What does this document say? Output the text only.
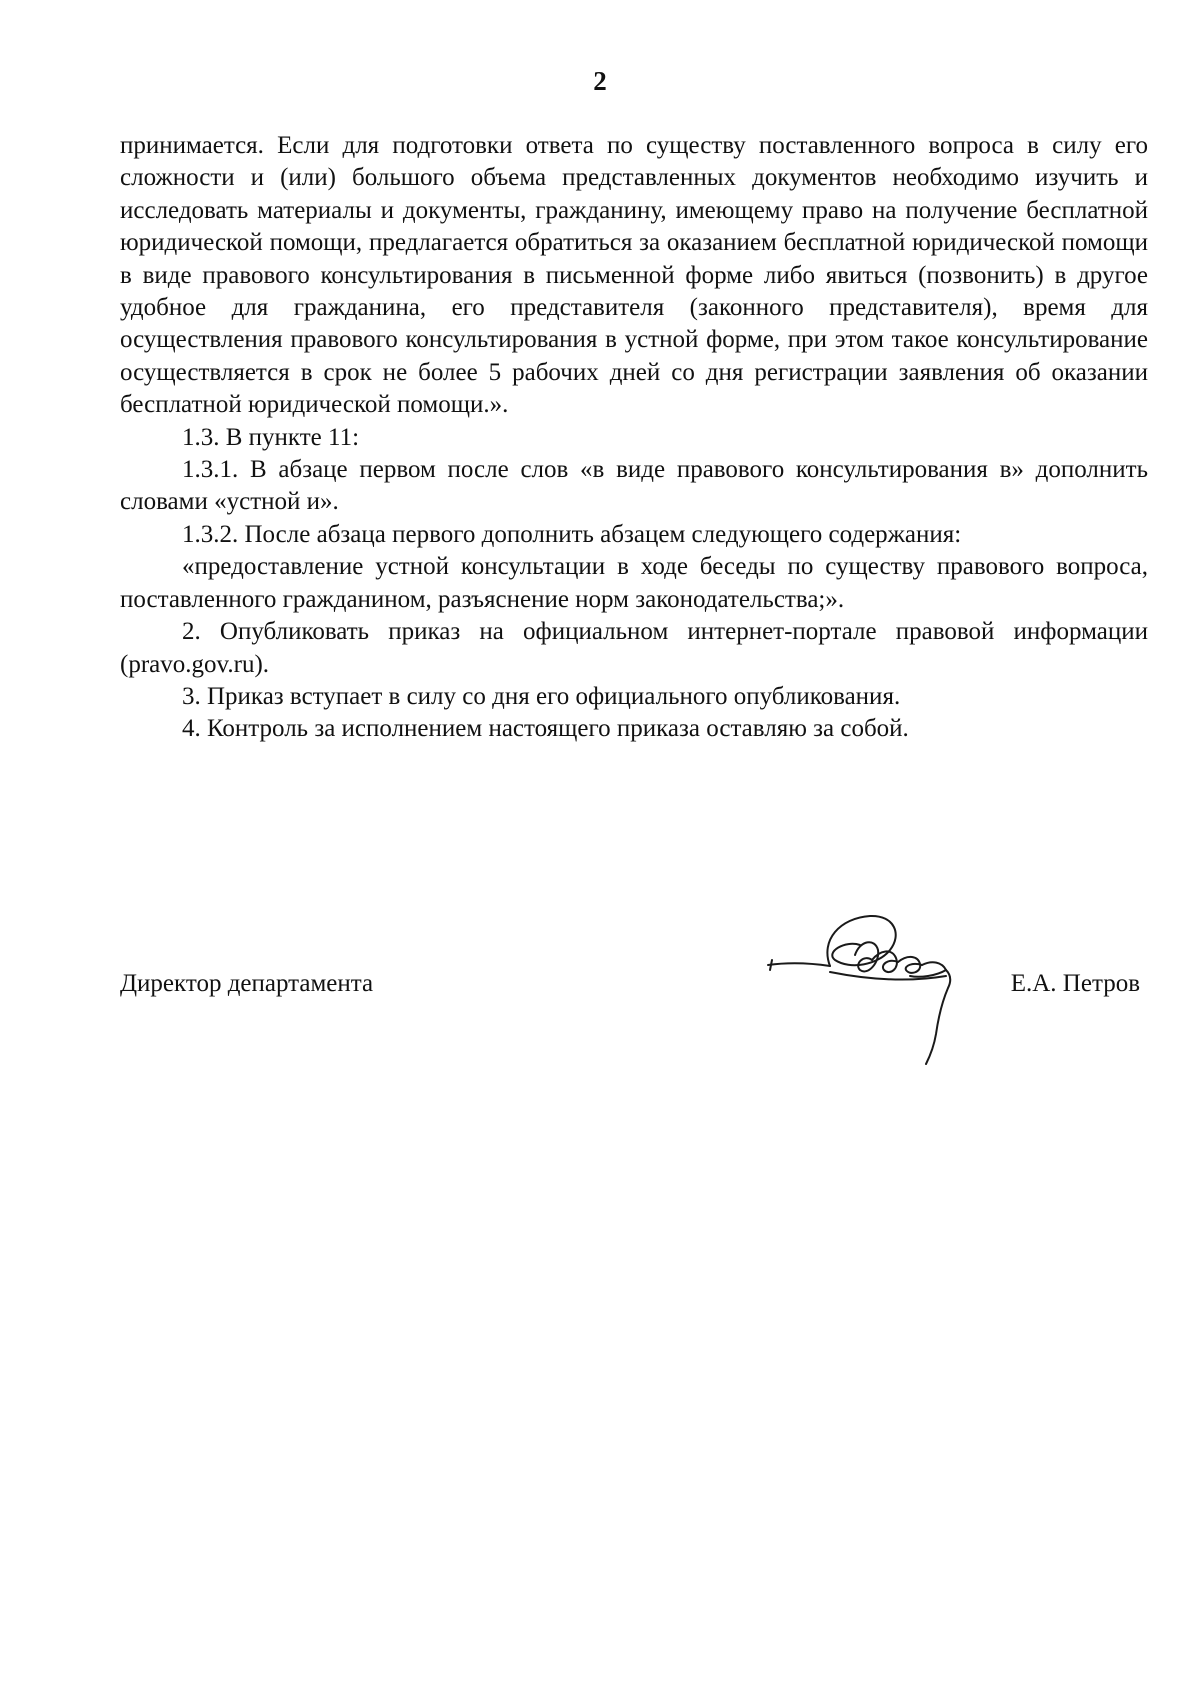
2

принимается. Если для подготовки ответа по существу поставленного вопроса в силу его сложности и (или) большого объема представленных документов необходимо изучить и исследовать материалы и документы, гражданину, имеющему право на получение бесплатной юридической помощи, предлагается обратиться за оказанием бесплатной юридической помощи в виде правового консультирования в письменной форме либо явиться (позвонить) в другое удобное для гражданина, его представителя (законного представителя), время для осуществления правового консультирования в устной форме, при этом такое консультирование осуществляется в срок не более 5 рабочих дней со дня регистрации заявления об оказании бесплатной юридической помощи.».

1.3. В пункте 11:

1.3.1. В абзаце первом после слов «в виде правового консультирования в» дополнить словами «устной и».

1.3.2. После абзаца первого дополнить абзацем следующего содержания:

«предоставление устной консультации в ходе беседы по существу правового вопроса, поставленного гражданином, разъяснение норм законодательства;».

2. Опубликовать приказ на официальном интернет-портале правовой информации (pravo.gov.ru).

3. Приказ вступает в силу со дня его официального опубликования.

4. Контроль за исполнением настоящего приказа оставляю за собой.

Директор департамента	Е.А. Петров
